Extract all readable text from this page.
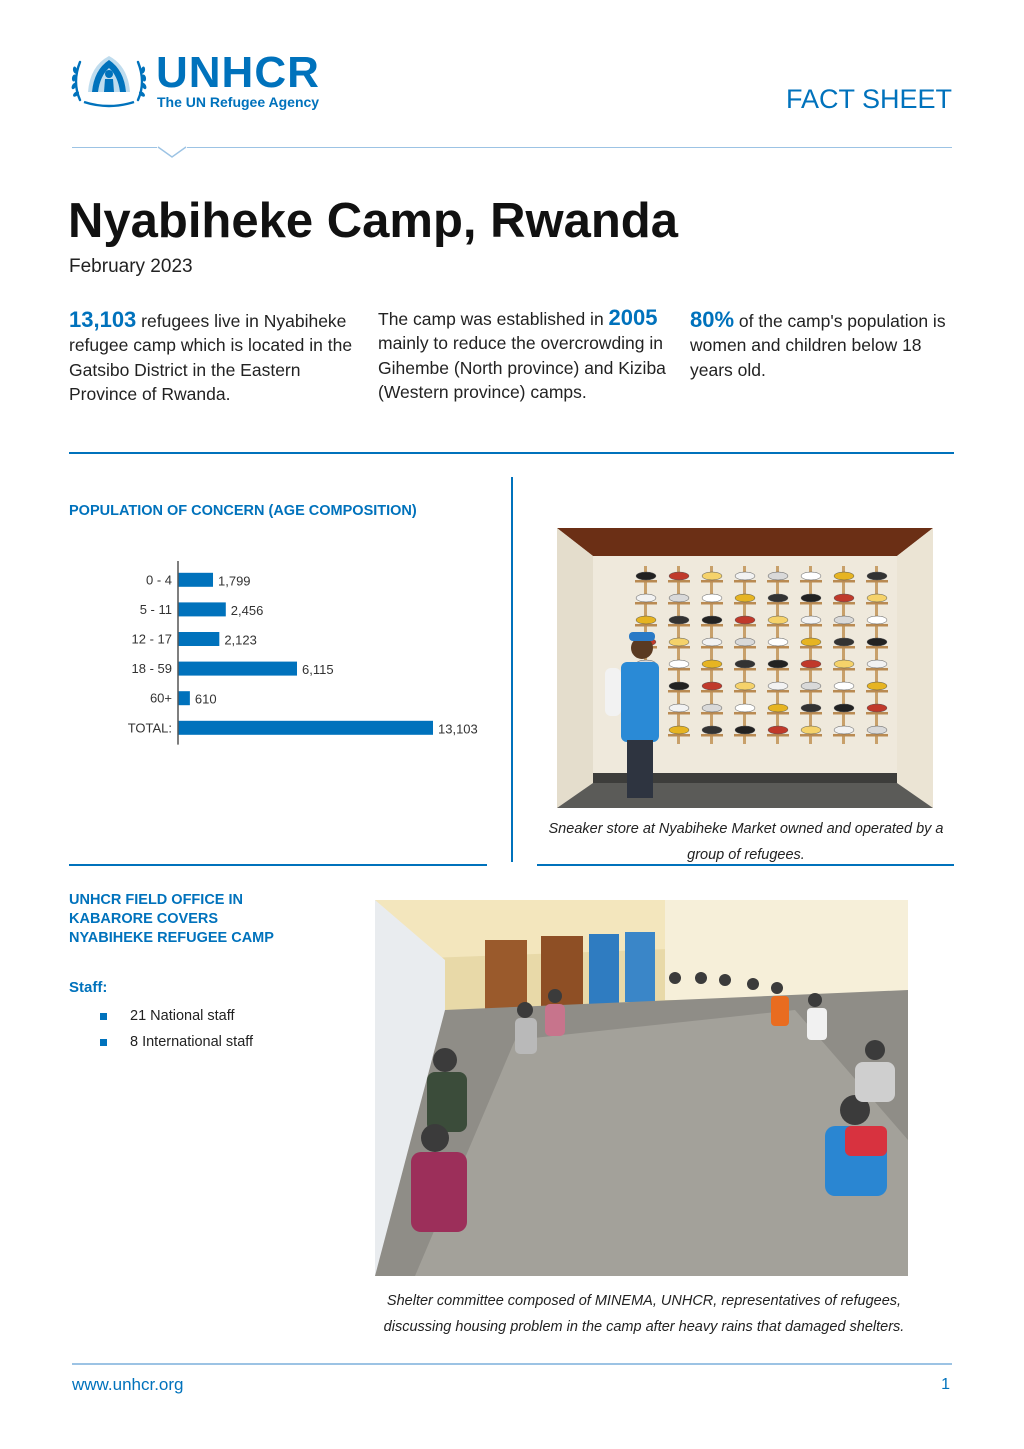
UNHCR
The UN Refugee Agency	FACT SHEET
Nyabiheke Camp, Rwanda
February 2023

13,103 refugees live in Nyabiheke refugee camp which is located in the Gatsibo District in the Eastern Province of Rwanda.

The camp was established in 2005 mainly to reduce the overcrowding in Gihembe (North province) and Kiziba (Western province) camps.

80% of the camp's population is women and children below 18 years old.

POPULATION OF CONCERN (AGE COMPOSITION)
0 - 4	1,799
5 - 11	2,456
12 - 17	2,123
18 - 59	6,115
60+ 610
TOTAL:	13,103
Sneaker store at Nyabiheke Market owned and operated by a group of refugees.
UNHCR FIELD OFFICE IN KABARORE COVERS NYABIHEKE REFUGEE CAMP
Staff:
21 National staff
8 International staff
Shelter committee composed of MINEMA, UNHCR, representatives of refugees, discussing housing problem in the camp after heavy rains that damaged shelters.
www.unhcr.org	1
